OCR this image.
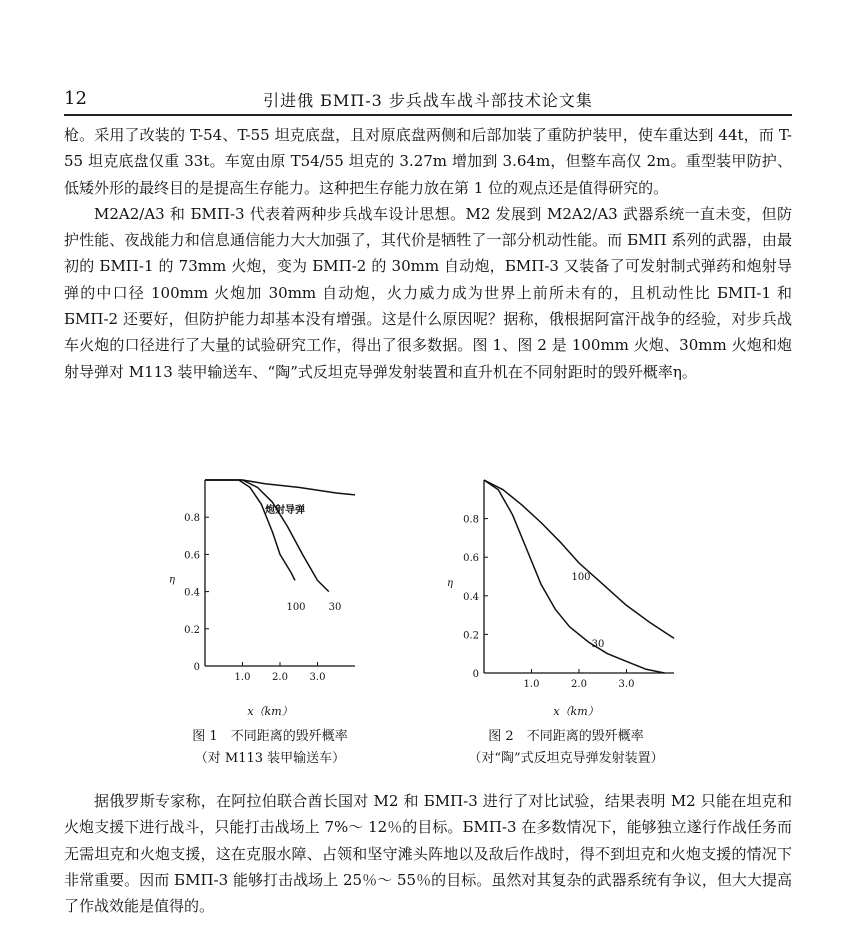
12	引进俄 БМП-3 步兵战车战斗部技术论文集

枪。采用了改装的 T-54、T-55 坦克底盘，且对原底盘两侧和后部加装了重防护装甲，使车重达到 44t，而 T-55 坦克底盘仅重 33t。车宽由原 T54/55 坦克的 3.27m 增加到 3.64m，但整车高仅 2m。重型装甲防护、低矮外形的最终目的是提高生存能力。这种把生存能力放在第 1 位的观点还是值得研究的。

M2A2/A3 和 БМП-3 代表着两种步兵战车设计思想。M2 发展到 M2A2/A3 武器系统一直未变，但防护性能、夜战能力和信息通信能力大大加强了，其代价是牺牲了一部分机动性能。而 БМП 系列的武器，由最初的 БМП-1 的 73mm 火炮，变为 БМП-2 的 30mm 自动炮，БМП-3 又装备了可发射制式弹药和炮射导弹的中口径 100mm 火炮加 30mm 自动炮，火力威力成为世界上前所未有的，且机动性比 БМП-1 和 БМП-2 还要好，但防护能力却基本没有增强。这是什么原因呢？据称，俄根据阿富汗战争的经验，对步兵战车火炮的口径进行了大量的试验研究工作，得出了很多数据。图 1、图 2 是 100mm 火炮、30mm 火炮和炮射导弹对 M113 装甲输送车、“陶”式反坦克导弹发射装置和直升机在不同射距时的毁歼概率η。

0
0.2
0.4
0.6
0.8
1.0 2.0 3.0
η
炮射导弹
100 30
x（km）
图 1　不同距离的毁歼概率
（对 M113 装甲输送车）
0
0.2
0.4
0.6
0.8
1.0	2.0	3.0
η
100
30
x（km）
图 2　不同距离的毁歼概率
（对“陶”式反坦克导弹发射装置）

据俄罗斯专家称，在阿拉伯联合酋长国对 M2 和 БМП-3 进行了对比试验，结果表明 M2 只能在坦克和火炮支援下进行战斗，只能打击战场上 7%～ 12％的目标。БМП-3 在多数情况下，能够独立遂行作战任务而无需坦克和火炮支援，这在克服水障、占领和坚守滩头阵地以及敌后作战时，得不到坦克和火炮支援的情况下非常重要。因而 БМП-3 能够打击战场上 25％～ 55％的目标。虽然对其复杂的武器系统有争议，但大大提高了作战效能是值得的。
